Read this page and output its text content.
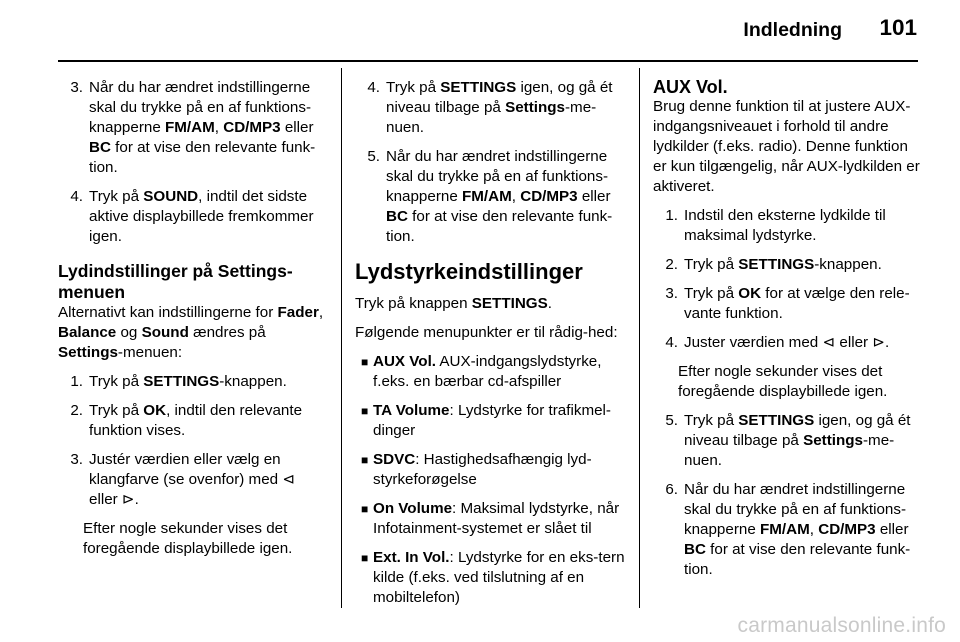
Indledning 101
3. Når du har ændret indstillingerne skal du trykke på en af funktions-knapperne FM/AM, CD/MP3 eller BC for at vise den relevante funk-tion.
4. Tryk på SOUND, indtil det sidste aktive displaybillede fremkommer igen.
Lydindstillinger på Settings-menuen

Alternativt kan indstillingerne for Fader, Balance og Sound ændres på Settings-menuen:

1. Tryk på SETTINGS-knappen.
2. Tryk på OK, indtil den relevante funktion vises.
3. Justér værdien eller vælg en klangfarve (se ovenfor) med ⊲ eller ⊳.

Efter nogle sekunder vises det foregående displaybillede igen.

4. Tryk på SETTINGS igen, og gå ét niveau tilbage på Settings-me-nuen.
5. Når du har ændret indstillingerne skal du trykke på en af funktions-knapperne FM/AM, CD/MP3 eller BC for at vise den relevante funk-tion.
Lydstyrkeindstillinger

Tryk på knappen SETTINGS.

Følgende menupunkter er til rådig-hed:

■ AUX Vol. AUX-indgangslydstyrke, f.eks. en bærbar cd-afspiller
■ TA Volume: Lydstyrke for trafikmel-dinger
■ SDVC: Hastighedsafhængig lyd-styrkeforøgelse
■ On Volume: Maksimal lydstyrke, når Infotainment-systemet er slået til
■ Ext. In Vol.: Lydstyrke for en eks-tern kilde (f.eks. ved tilslutning af en mobiltelefon)
AUX Vol.

Brug denne funktion til at justere AUX-indgangsniveauet i forhold til andre lydkilder (f.eks. radio). Denne funktion er kun tilgængelig, når AUX-lydkilden er aktiveret.

1. Indstil den eksterne lydkilde til maksimal lydstyrke.
2. Tryk på SETTINGS-knappen.
3. Tryk på OK for at vælge den rele-vante funktion.
4. Juster værdien med ⊲ eller ⊳.

Efter nogle sekunder vises det foregående displaybillede igen.

5. Tryk på SETTINGS igen, og gå ét niveau tilbage på Settings-me-nuen.
6. Når du har ændret indstillingerne skal du trykke på en af funktions-knapperne FM/AM, CD/MP3 eller BC for at vise den relevante funk-tion.
carmanualsonline.info
